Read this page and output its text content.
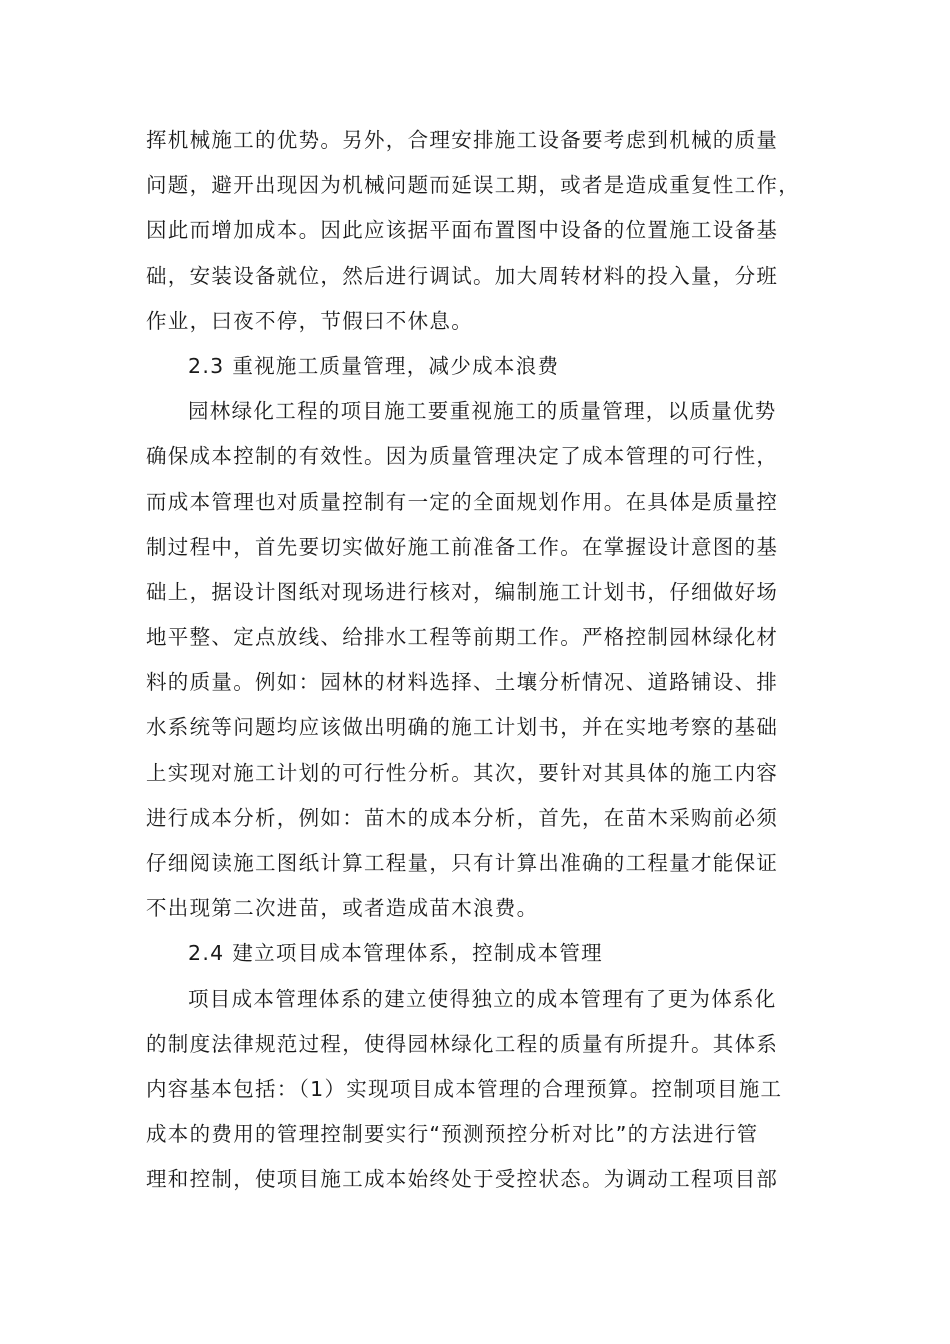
挥机械施工的优势。另外，合理安排施工设备要考虑到机械的质量
问题，避开出现因为机械问题而延误工期，或者是造成重复性工作，
因此而增加成本。因此应该据平面布置图中设备的位置施工设备基
础，安装设备就位，然后进行调试。加大周转材料的投入量，分班
作业，曰夜不停，节假曰不休息。
2.3 重视施工质量管理，减少成本浪费
园林绿化工程的项目施工要重视施工的质量管理，以质量优势
确保成本控制的有效性。因为质量管理决定了成本管理的可行性，
而成本管理也对质量控制有一定的全面规划作用。在具体是质量控
制过程中，首先要切实做好施工前准备工作。在掌握设计意图的基
础上，据设计图纸对现场进行核对，编制施工计划书，仔细做好场
地平整、定点放线、给排水工程等前期工作。严格控制园林绿化材
料的质量。例如：园林的材料选择、土壤分析情况、道路铺设、排
水系统等问题均应该做出明确的施工计划书，并在实地考察的基础
上实现对施工计划的可行性分析。其次，要针对其具体的施工内容
进行成本分析，例如：苗木的成本分析，首先，在苗木采购前必须
仔细阅读施工图纸计算工程量，只有计算出准确的工程量才能保证
不出现第二次进苗，或者造成苗木浪费。
2.4 建立项目成本管理体系，控制成本管理
项目成本管理体系的建立使得独立的成本管理有了更为体系化
的制度法律规范过程，使得园林绿化工程的质量有所提升。其体系
内容基本包括：（1）实现项目成本管理的合理预算。控制项目施工
成本的费用的管理控制要实行“预测预控分析对比”的方法进行管
理和控制，使项目施工成本始终处于受控状态。为调动工程项目部
